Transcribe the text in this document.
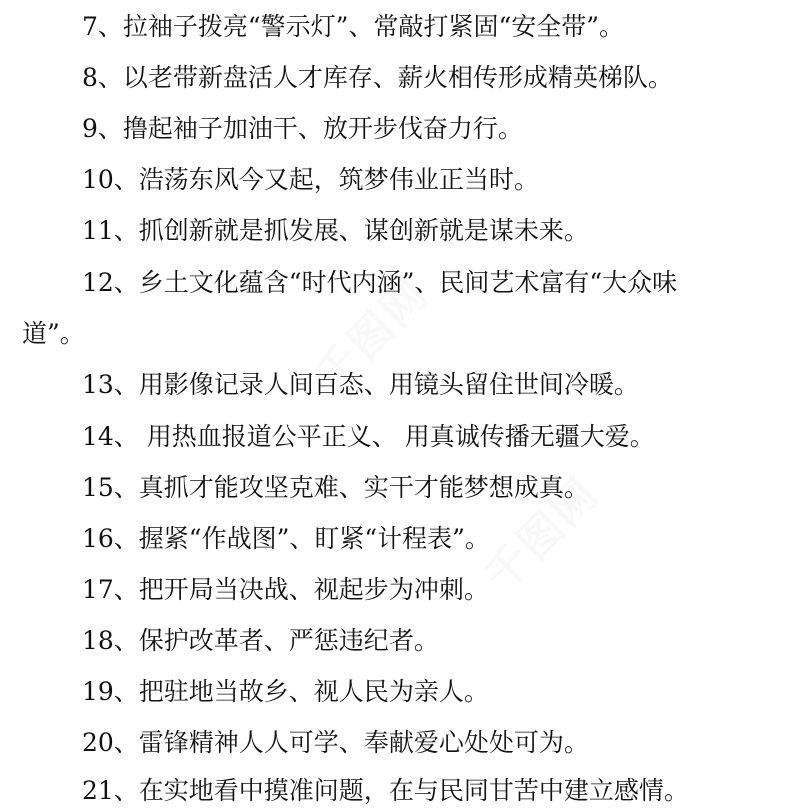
千图网
千图网
7、拉袖子拨亮“警示灯”、常敲打紧固“安全带”。
8、以老带新盘活人才库存、薪火相传形成精英梯队。
9、撸起袖子加油干、放开步伐奋力行。
10、浩荡东风今又起，筑梦伟业正当时。
11、抓创新就是抓发展、谋创新就是谋未来。
12、乡土文化蕴含“时代内涵”、民间艺术富有“大众味
道”。
13、用影像记录人间百态、用镜头留住世间冷暖。
14、 用热血报道公平正义、 用真诚传播无疆大爱。
15、真抓才能攻坚克难、实干才能梦想成真。
16、握紧“作战图”、盯紧“计程表”。
17、把开局当决战、视起步为冲刺。
18、保护改革者、严惩违纪者。
19、把驻地当故乡、视人民为亲人。
20、雷锋精神人人可学、奉献爱心处处可为。
21、在实地看中摸准问题，在与民同甘苦中建立感情。
